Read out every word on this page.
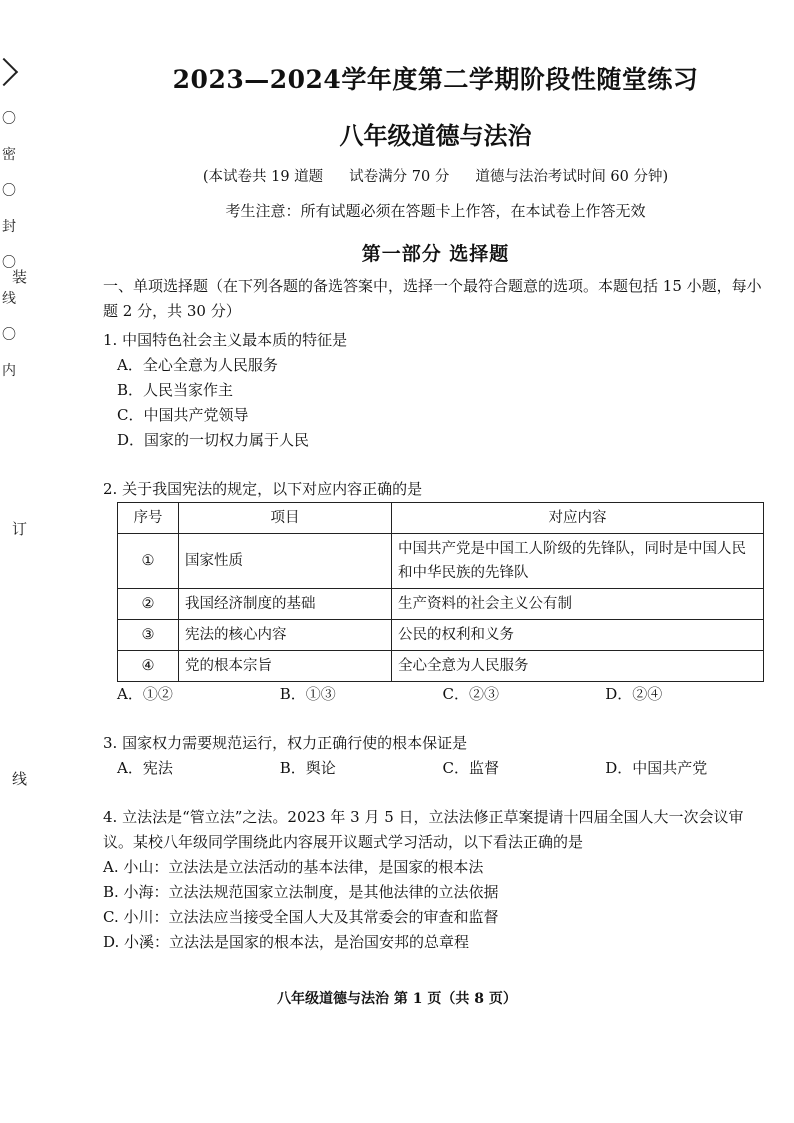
〇
密
〇
封
〇
线
〇
内
装
订
线
2023—2024学年度第二学期阶段性随堂练习
八年级道德与法治
(本试卷共 19 道题 试卷满分 70 分 道德与法治考试时间 60 分钟)
考生注意：所有试题必须在答题卡上作答，在本试卷上作答无效
第一部分 选择题
一、单项选择题（在下列各题的备选答案中，选择一个最符合题意的选项。本题包括 15 小题，每小题 2 分，共 30 分）
1. 中国特色社会主义最本质的特征是
A．全心全意为人民服务
B．人民当家作主
C．中国共产党领导
D．国家的一切权力属于人民
2. 关于我国宪法的规定，以下对应内容正确的是
序号	项目	对应内容
①	国家性质	中国共产党是中国工人阶级的先锋队，同时是中国人民和中华民族的先锋队
②	我国经济制度的基础	生产资料的社会主义公有制
③	宪法的核心内容	公民的权利和义务
④	党的根本宗旨	全心全意为人民服务
A．①②	B．①③	C．②③	D．②④
3. 国家权力需要规范运行，权力正确行使的根本保证是
A．宪法	B．舆论	C．监督	D．中国共产党
4. 立法法是“管立法”之法。2023 年 3 月 5 日，立法法修正草案提请十四届全国人大一次会议审议。某校八年级同学围绕此内容展开议题式学习活动，以下看法正确的是
A. 小山：立法法是立法活动的基本法律，是国家的根本法
B. 小海：立法法规范国家立法制度，是其他法律的立法依据
C. 小川：立法法应当接受全国人大及其常委会的审查和监督
D. 小溪：立法法是国家的根本法，是治国安邦的总章程
八年级道德与法治 第 1 页（共 8 页）
